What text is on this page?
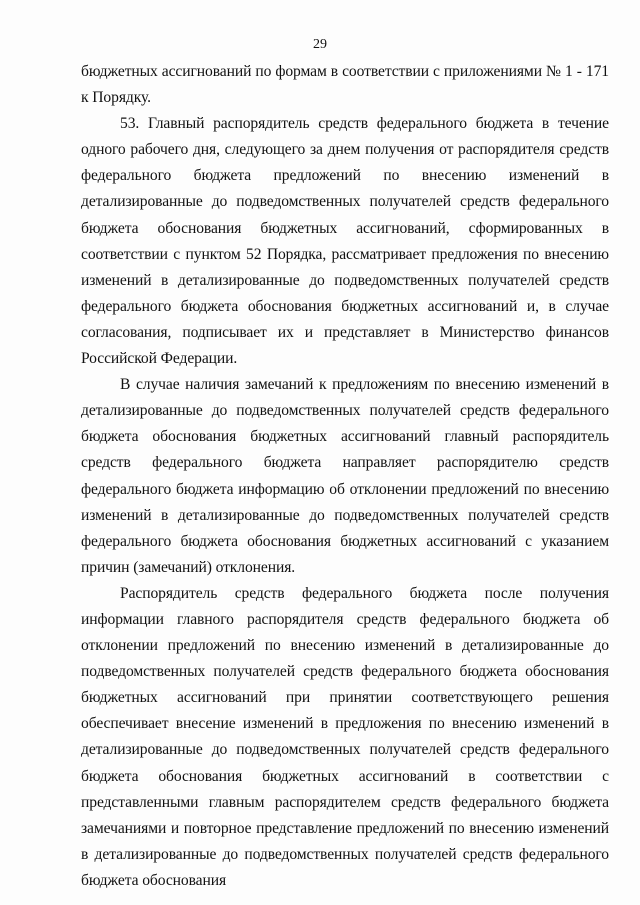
29

бюджетных ассигнований по формам в соответствии с приложениями № 1 - 171 к Порядку.

53. Главный распорядитель средств федерального бюджета в течение одного рабочего дня, следующего за днем получения от распорядителя средств федерального бюджета предложений по внесению изменений в детализированные до подведомственных получателей средств федерального бюджета обоснования бюджетных ассигнований, сформированных в соответствии с пунктом 52 Порядка, рассматривает предложения по внесению изменений в детализированные до подведомственных получателей средств федерального бюджета обоснования бюджетных ассигнований и, в случае согласования, подписывает их и представляет в Министерство финансов Российской Федерации.

В случае наличия замечаний к предложениям по внесению изменений в детализированные до подведомственных получателей средств федерального бюджета обоснования бюджетных ассигнований главный распорядитель средств федерального бюджета направляет распорядителю средств федерального бюджета информацию об отклонении предложений по внесению изменений в детализированные до подведомственных получателей средств федерального бюджета обоснования бюджетных ассигнований с указанием причин (замечаний) отклонения.

Распорядитель средств федерального бюджета после получения информации главного распорядителя средств федерального бюджета об отклонении предложений по внесению изменений в детализированные до подведомственных получателей средств федерального бюджета обоснования бюджетных ассигнований при принятии соответствующего решения обеспечивает внесение изменений в предложения по внесению изменений в детализированные до подведомственных получателей средств федерального бюджета обоснования бюджетных ассигнований в соответствии с представленными главным распорядителем средств федерального бюджета замечаниями и повторное представление предложений по внесению изменений в детализированные до подведомственных получателей средств федерального бюджета обоснования
